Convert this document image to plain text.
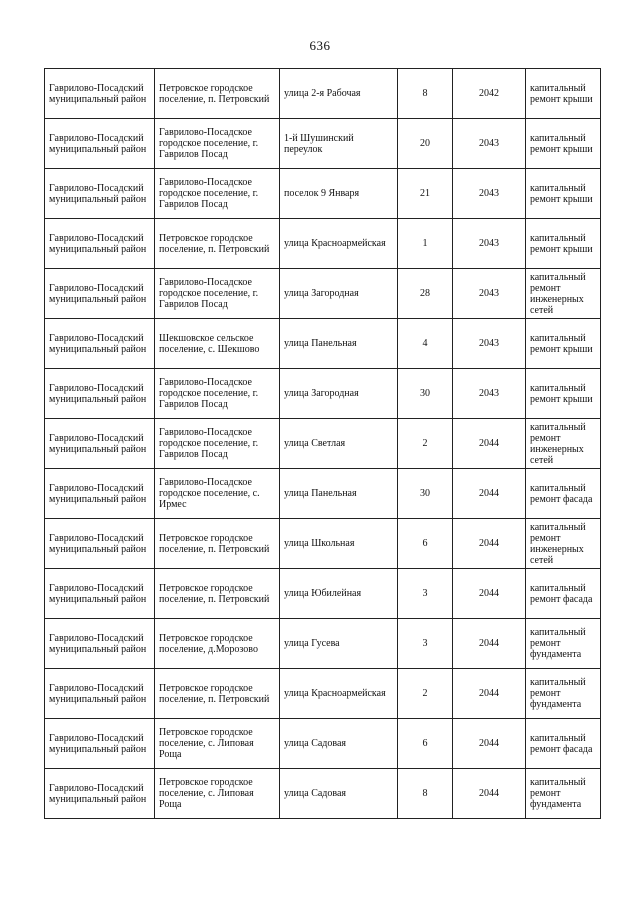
636
Гаврилово-Посадский муниципальный район	Петровское городское поселение, п. Петровский	улица 2-я Рабочая	8	2042	капитальный ремонт крыши
Гаврилово-Посадский муниципальный район	Гаврилово-Посадское городское поселение, г. Гаврилов Посад	1-й Шушинский переулок	20	2043	капитальный ремонт крыши
Гаврилово-Посадский муниципальный район	Гаврилово-Посадское городское поселение, г. Гаврилов Посад	поселок 9 Января	21	2043	капитальный ремонт крыши
Гаврилово-Посадский муниципальный район	Петровское городское поселение, п. Петровский	улица Красноармейская	1	2043	капитальный ремонт крыши
Гаврилово-Посадский муниципальный район	Гаврилово-Посадское городское поселение, г. Гаврилов Посад	улица Загородная	28	2043	капитальный ремонт инженерных сетей
Гаврилово-Посадский муниципальный район	Шекшовское сельское поселение, с. Шекшово	улица Панельная	4	2043	капитальный ремонт крыши
Гаврилово-Посадский муниципальный район	Гаврилово-Посадское городское поселение, г. Гаврилов Посад	улица Загородная	30	2043	капитальный ремонт крыши
Гаврилово-Посадский муниципальный район	Гаврилово-Посадское городское поселение, г. Гаврилов Посад	улица Светлая	2	2044	капитальный ремонт инженерных сетей
Гаврилово-Посадский муниципальный район	Гаврилово-Посадское городское поселение, с. Ирмес	улица Панельная	30	2044	капитальный ремонт фасада
Гаврилово-Посадский муниципальный район	Петровское городское поселение, п. Петровский	улица Школьная	6	2044	капитальный ремонт инженерных сетей
Гаврилово-Посадский муниципальный район	Петровское городское поселение, п. Петровский	улица Юбилейная	3	2044	капитальный ремонт фасада
Гаврилово-Посадский муниципальный район	Петровское городское поселение, д.Морозово	улица Гусева	3	2044	капитальный ремонт фундамента
Гаврилово-Посадский муниципальный район	Петровское городское поселение, п. Петровский	улица Красноармейская	2	2044	капитальный ремонт фундамента
Гаврилово-Посадский муниципальный район	Петровское городское поселение, с. Липовая Роща	улица Садовая	6	2044	капитальный ремонт фасада
Гаврилово-Посадский муниципальный район	Петровское городское поселение, с. Липовая Роща	улица Садовая	8	2044	капитальный ремонт фундамента
